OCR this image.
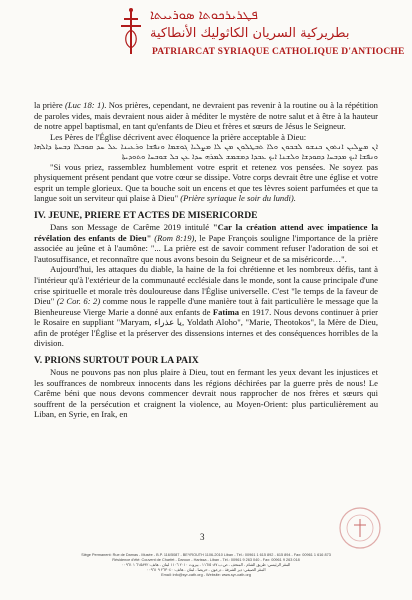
ܦܛܪܝܪܟܘܬܐ ܣܘܪܝܝܬܐ
بطريركية السريان الكاثوليك الأنطاكية
PATRIARCAT SYRIAQUE CATHOLIQUE D'ANTIOCHE

la prière (Luc 18: 1). Nos prières, cependant, ne devraient pas revenir à la routine ou à la répétition de paroles vides, mais devraient nous aider à méditer le mystère de notre salut et à être à la hauteur de notre appel baptismal, en tant qu'enfants de Dieu et frères et sœurs de Jésus le Seigneur.

Les Pères de l'Église décrivent avec éloquence la prière acceptable à Dieu:

ܐܢ ܡܨܠܝܢ ܐܢܬܘܢ ܟܢܫܘ ܠܒܟܘܢ ܘܠܐ ܬܒܛܠܘܢ ܡܢ ܠܐ ܡܨܠܝܐ ܓܘܫܡܐ ܘܢܦܫܐ ܘܪܥܝܢܐ ܥܠ ܚܕ ܩܘܒܠܐ ܕܒܚܬܐ ܕܐܠܗܐ ܘܢܦܫܐ ܐܝܟ ܡܕܒܚܐ ܕܩܘܕܫܐ ܘܠܫܢܐ ܐܝܟ ܥܒܕܐ ܕܡܫܡܫ ܠܡܪܗ ܚܕܐ ܥܢ ܟܠ ܫܘܒܚܐ ܘܬܘܕܝܬܐ

"Si vous priez, rassemblez humblement votre esprit et retenez vos pensées. Ne soyez pas physiquement présent pendant que votre cœur se dissipe. Votre corps devrait être une église et votre esprit un temple glorieux. Que ta bouche soit un encens et que tes lèvres soient parfumées et que ta langue soit un serviteur qui plaise à Dieu" (Prière syriaque le soir du lundi).

IV. JEUNE, PRIERE ET ACTES DE MISERICORDE

Dans son Message de Carême 2019 intitulé "Car la création attend avec impatience la révélation des enfants de Dieu" (Rom 8:19), le Pape François souligne l'importance de la prière associée au jeûne et à l'aumône: "... La prière est de savoir comment refuser l'adoration de soi et l'autosuffisance, et reconnaître que nous avons besoin du Seigneur et de sa miséricorde…".

Aujourd'hui, les attaques du diable, la haine de la foi chrétienne et les nombreux défis, tant à l'intérieur qu'à l'extérieur de la communauté ecclésiale dans le monde, sont la cause principale d'une crise spirituelle et morale très douloureuse dans l'Église universelle. C'est "le temps de la faveur de Dieu" (2 Cor. 6: 2) comme nous le rappelle d'une manière tout à fait particulière le message que la Bienheureuse Vierge Marie a donné aux enfants de Fatima en 1917. Nous devons continuer à prier le Rosaire en suppliant "Maryam, يا عذراء, Yoldath Aloho", "Marie, Theotokos", la Mère de Dieu, afin de protéger l'Église et la préserver des dissensions internes et des conséquences horribles de la division.

V. PRIONS SURTOUT POUR LA PAIX

Nous ne pouvons pas non plus plaire à Dieu, tout en fermant les yeux devant les injustices et les souffrances de nombreux innocents dans les régions déchirées par la guerre près de nous! Le Carême béni que nous devons commencer devrait nous rapprocher de nos frères et sœurs qui souffrent de la persécution et craignent la violence, au Moyen-Orient: plus particulièrement au Liban, en Syrie, en Irak, en

3
Siège Permanent: Rue de Damas - Musée - B.P. 116/5087 - BEYROUTH 1106-2010 Liban - Tél.: 00961 1 615 892 - 615 894 - Fax: 00961 1 616 873
Résidence d'été: Couvent de Charfet - Daroun - Harissa - Liban - Tél.: 00961 9 263 040 - Fax: 00961 9 263 018
المقر الرئيسي: طريق الشام - المتحف - ص.ب ١١٦/٥٠٨٧ - بيروت ٢٠١٠ ١١٠٦ لبنان - هاتف: ٦١٥٨٩٢ ١ ٠٠٩٦١
المقر الصيفي: دير الشرفة - درعون - حريصا - لبنان - هاتف: ٢٦٣٠٤٠ ٩ ٠٠٩٦١
Email: info@syr-cath.org - Website: www.syr-cath.org
